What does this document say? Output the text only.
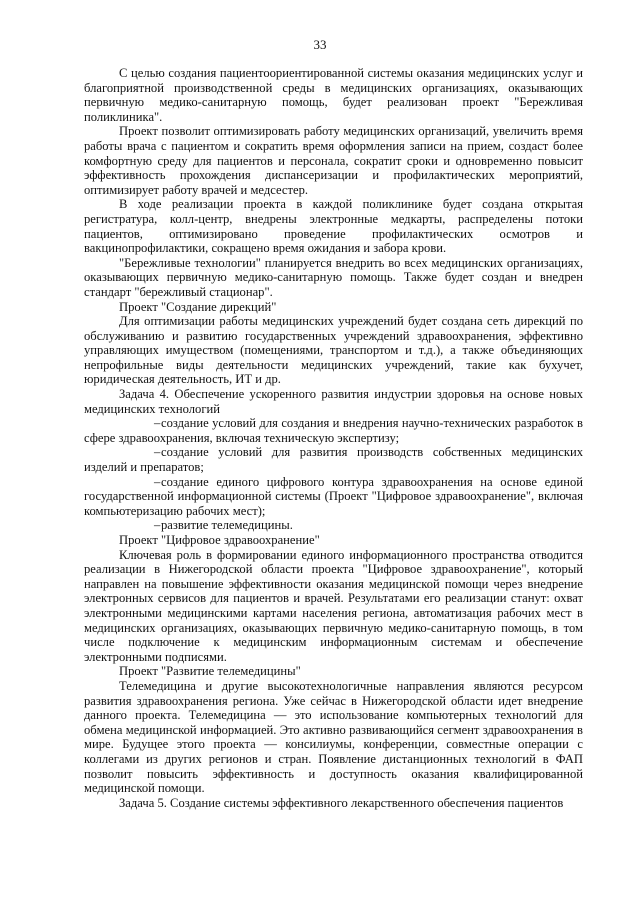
33

С целью создания пациентоориентированной системы оказания медицинских услуг и благоприятной производственной среды в медицинских организациях, оказывающих первичную медико-санитарную помощь, будет реализован проект "Бережливая поликлиника".

Проект позволит оптимизировать работу медицинских организаций, увеличить время работы врача с пациентом и сократить время оформления записи на прием, создаст более комфортную среду для пациентов и персонала, сократит сроки и одновременно повысит эффективность прохождения диспансеризации и профилактических мероприятий, оптимизирует работу врачей и медсестер.

В ходе реализации проекта в каждой поликлинике будет создана открытая регистратура, колл-центр, внедрены электронные медкарты, распределены потоки пациентов, оптимизировано проведение профилактических осмотров и вакцинопрофилактики, сокращено время ожидания и забора крови.

"Бережливые технологии" планируется внедрить во всех медицинских организациях, оказывающих первичную медико-санитарную помощь. Также будет создан и внедрен стандарт "бережливый стационар".

Проект "Создание дирекций"

Для оптимизации работы медицинских учреждений будет создана сеть дирекций по обслуживанию и развитию государственных учреждений здравоохранения, эффективно управляющих имуществом (помещениями, транспортом и т.д.), а также объединяющих непрофильные виды деятельности медицинских учреждений, такие как бухучет, юридическая деятельность, ИТ и др.

Задача 4. Обеспечение ускоренного развития индустрии здоровья на основе новых медицинских технологий

–создание условий для создания и внедрения научно-технических разработок в сфере здравоохранения, включая техническую экспертизу;

–создание условий для развития производств собственных медицинских изделий и препаратов;

–создание единого цифрового контура здравоохранения на основе единой государственной информационной системы (Проект "Цифровое здравоохранение", включая компьютеризацию рабочих мест);

–развитие телемедицины.

Проект "Цифровое здравоохранение"

Ключевая роль в формировании единого информационного пространства отводится реализации в Нижегородской области проекта "Цифровое здравоохранение", который направлен на повышение эффективности оказания медицинской помощи через внедрение электронных сервисов для пациентов и врачей. Результатами его реализации станут: охват электронными медицинскими картами населения региона, автоматизация рабочих мест в медицинских организациях, оказывающих первичную медико-санитарную помощь, в том числе подключение к медицинским информационным системам и обеспечение электронными подписями.

Проект "Развитие телемедицины"

Телемедицина и другие высокотехнологичные направления являются ресурсом развития здравоохранения региона. Уже сейчас в Нижегородской области идет внедрение данного проекта. Телемедицина — это использование компьютерных технологий для обмена медицинской информацией. Это активно развивающийся сегмент здравоохранения в мире. Будущее этого проекта — консилиумы, конференции, совместные операции с коллегами из других регионов и стран. Появление дистанционных технологий в ФАП позволит повысить эффективность и доступность оказания квалифицированной медицинской помощи.

Задача 5. Создание системы эффективного лекарственного обеспечения пациентов
